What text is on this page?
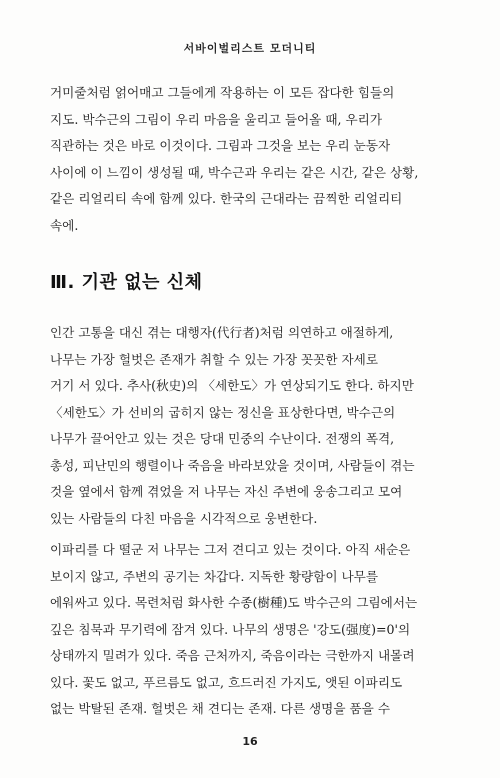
서바이벌리스트 모더니티
거미줄처럼 얽어매고 그들에게 작용하는 이 모든 잡다한 힘들의
지도. 박수근의 그림이 우리 마음을 울리고 들어올 때, 우리가
직관하는 것은 바로 이것이다. 그림과 그것을 보는 우리 눈동자
사이에 이 느낌이 생성될 때, 박수근과 우리는 같은 시간, 같은 상황,
같은 리얼리티 속에 함께 있다. 한국의 근대라는 끔찍한 리얼리티
속에.
Ⅲ. 기관 없는 신체
인간 고통을 대신 겪는 대행자(代行者)처럼 의연하고 애절하게,
나무는 가장 헐벗은 존재가 취할 수 있는 가장 꼿꼿한 자세로
거기 서 있다. 추사(秋史)의 〈세한도〉가 연상되기도 한다. 하지만
〈세한도〉가 선비의 굽히지 않는 정신을 표상한다면, 박수근의
나무가 끌어안고 있는 것은 당대 민중의 수난이다. 전쟁의 폭격,
총성, 피난민의 행렬이나 죽음을 바라보았을 것이며, 사람들이 겪는
것을 옆에서 함께 겪었을 저 나무는 자신 주변에 웅송그리고 모여
있는 사람들의 다친 마음을 시각적으로 웅변한다.
이파리를 다 떨군 저 나무는 그저 견디고 있는 것이다. 아직 새순은
보이지 않고, 주변의 공기는 차갑다. 지독한 황량함이 나무를
에워싸고 있다. 목련처럼 화사한 수종(樹種)도 박수근의 그림에서는
깊은 침묵과 무기력에 잠겨 있다. 나무의 생명은 '강도(强度)=0'의
상태까지 밀려가 있다. 죽음 근처까지, 죽음이라는 극한까지 내몰려
있다. 꽃도 없고, 푸르름도 없고, 흐드러진 가지도, 앳된 이파리도
없는 박탈된 존재. 헐벗은 채 견디는 존재. 다른 생명을 품을 수
16
